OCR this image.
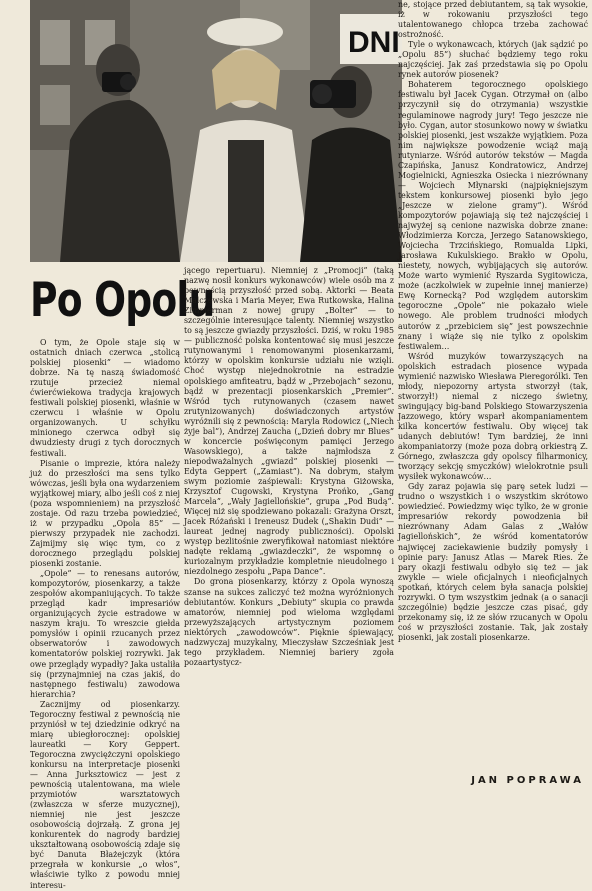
DNI
Po Opolu

O tym, że Opole staje się w ostatnich dniach czerwca „stolicą polskiej piosenki” — wiadomo dobrze. Na tę naszą świadomość rzutuje przecież niemal ćwierćwiekowa tradycja krajowych festiwali polskiej piosenki, właśnie w czerwcu i właśnie w Opolu organizowanych. U schyłku minionego czerwca odbył się dwudziesty drugi z tych dorocznych festiwali.

Pisanie o imprezie, która należy już do przeszłości ma sens tylko wówczas, jeśli była ona wydarzeniem wyjątkowej miary, albo jeśli coś z niej (poza wspomnieniem) na przyszłość zostaje. Od razu trzeba powiedzieć, iż w przypadku „Opola 85” — pierwszy przypadek nie zachodzi. Zajmijmy się więc tym, co z dorocznego przeglądu polskiej piosenki zostanie.

„Opole” — to renesans autorów, kompozytorów, piosenkarzy, a także zespołów akompaniujących. To także przegląd kadr impresariów organizujących życie estradowe w naszym kraju. To wreszcie giełda pomysłów i opinii rzucanych przez obserwatorów i zawodowych komentatorów polskiej rozrywki. Jak owe przeglądy wypadły? Jaka ustaliła się (przynajmniej na czas jakiś, do następnego festiwalu) zawodowa hierarchia?

Zacznijmy od piosenkarzy. Tegoroczny festiwal z pewnością nie przyniósł w tej dziedzinie odkryć na miarę ubiegłorocznej: opolskiej laureatki — Kory Geppert. Tegoroczna zwyciężczyni opolskiego konkursu na interpretacje piosenki — Anna Jurksztowicz — jest z pewnością utalentowana, ma wiele przymiotów warsztatowych (zwłaszcza w sferze muzycznej), niemniej nie jest jeszcze osobowością dojrzałą. Z grona jej konkurentek do nagrody bardziej ukształtowaną osobowością zdaje się być Danuta Błażejczyk (która przegrała w konkursie „o włos”, właściwie tylko z powodu mniej interesu-

jącego repertuaru). Niemniej z „Promocji” (taką nazwę nosił konkurs wykonawców) wiele osób ma z pewnością przyszłość przed sobą. Aktorki — Beata Malczewska i Maria Meyer, Ewa Rutkowska, Halina Zimmerman z nowej grupy „Bolter” — to szczególnie interesujące talenty. Niemniej wszystko to są jeszcze gwiazdy przyszłości. Dziś, w roku 1985 — publiczność polska kontentować się musi jeszcze rutynowanymi i renomowanymi piosenkarzami, którzy w opolskim konkursie udziału nie wzięli. Choć występ niejednokrotnie na estradzie opolskiego amfiteatru, bądź w „Przebojach” sezonu, bądź w prezentacji piosenkarskich „Premier”. Wśród tych rutynowanych (czasem nawet zrutynizowanych) doświadczonych artystów wyróżnili się z pewnością: Maryla Rodowicz („Niech żyje bal”), Andrzej Zaucha („Dzień dobry mr Blues” w koncercie poświęconym pamięci Jerzego Wasowskiego), a także najmłodsza z niepodważalnych „gwiazd” polskiej piosenki — Edyta Geppert („Zamiast”). Na dobrym, stałym swym poziomie zaśpiewali: Krystyna Giżowska, Krzysztof Cugowski, Krystyna Prońko, „Gang Marcela”, „Wały Jagiellońskie”, grupa „Pod Budą”. Więcej niż się spodziewano pokazali: Grażyna Orszt, Jacek Różański i Ireneusz Dudek („Shakin Dudi” — laureat jednej nagrody publiczności). Opolski występ bezlitośnie zweryfikował natomiast niektóre nadęte reklamą „gwiazdeczki”, że wspomnę o kuriozalnym przykładzie kompletnie nieudolnego i niezdolnego zespołu „Papa Dance”.

Do grona piosenkarzy, którzy z Opola wynoszą szanse na sukces zaliczyć też można wyróżnionych debiutantów. Konkurs „Debiuty” skupia co prawda amatorów, niemniej pod wieloma względami przewyższających artystycznym poziomem niektórych „zawodowców”. Pięknie śpiewający, nadzwyczaj muzykalny, Mieczysław Szcześniak jest tego przykładem. Niemniej bariery zgoła pozaartystycz-

ne, stojące przed debiutantem, są tak wysokie, iż w rokowaniu przyszłości tego utalentowanego chłopca trzeba zachować ostrożność.

Tyle o wykonawcach, których (jak sądzić po „Opolu 85”) słuchać będziemy tego roku najczęściej. Jak zaś przedstawia się po Opolu rynek autorów piosenek?

Bohaterem tegorocznego opolskiego festiwalu był Jacek Cygan. Otrzymał on (albo przyczynił się do otrzymania) wszystkie regulaminowe nagrody jury! Tego jeszcze nie było. Cygan, autor stosunkowo nowy w światku polskiej piosenki, jest wszakże wyjątkiem. Poza nim największe powodzenie wciąż mają rutyniarze. Wśród autorów tekstów — Magda Czapińska, Janusz Kondratowicz, Andrzej Mogielnicki, Agnieszka Osiecka i niezrównany — Wojciech Młynarski (najpiękniejszym tekstem konkursowej piosenki było jego „Jeszcze w zielone gramy”). Wśród kompozytorów pojawiają się też najczęściej i najwyżej są cenione nazwiska dobrze znane: Włodzimierza Korcza, Jerzego Satanowskiego, Wojciecha Trzcińskiego, Romualda Lipki, Jarosława Kukulskiego. Brakło w Opolu, niestety, nowych, wybijających się autorów. Może warto wymienić Ryszarda Sygitowicza, może (aczkolwiek w zupełnie innej manierze) Ewę Kornecką? Pod względem autorskim tegoroczne „Opole” nie pokazało wiele nowego. Ale problem trudności młodych autorów z „przebiciem się” jest powszechnie znany i wiąże się nie tylko z opolskim festiwalem…

Wśród muzyków towarzyszących na opolskich estradach piosence wypada wymienić nazwisko Wiesława Pieregorólki. Ten młody, niepozorny artysta stworzył (tak, stworzył!) niemal z niczego świetny, swingujący big-band Polskiego Stowarzyszenia Jazzowego, który wsparł akompaniamentem kilka koncertów festiwalu. Oby więcej tak udanych debiutów! Tym bardziej, że inni akompaniatorzy (może poza dobrą orkiestrą Z. Górnego, zwłaszcza gdy opolscy filharmonicy, tworzący sekcję smyczków) wielokrotnie psuli wysiłek wykonawców…

Gdy zaraz pojawia się parę setek ludzi — trudno o wszystkich i o wszystkim skrótowo powiedzieć. Powiedzmy więc tylko, że w gronie impresariów rekordy powodzenia bił niezrównany Adam Galas z „Wałów Jagiellońskich”, że wśród komentatorów najwięcej zaciekawienie budziły pomysły i opinie pary: Janusz Atlas — Marek Ries. Że pary okazji festiwalu odbyło się też — jak zwykle — wiele oficjalnych i nieoficjalnych spotkań, których celem była sanacja polskiej rozrywki. O tym wszystkim jednak (a o sanacji szczególnie) będzie jeszcze czas pisać, gdy przekonamy się, iż ze słów rzucanych w Opolu coś w przyszłości zostanie. Tak, jak zostały piosenki, jak zostali piosenkarze.

JAN POPRAWA
